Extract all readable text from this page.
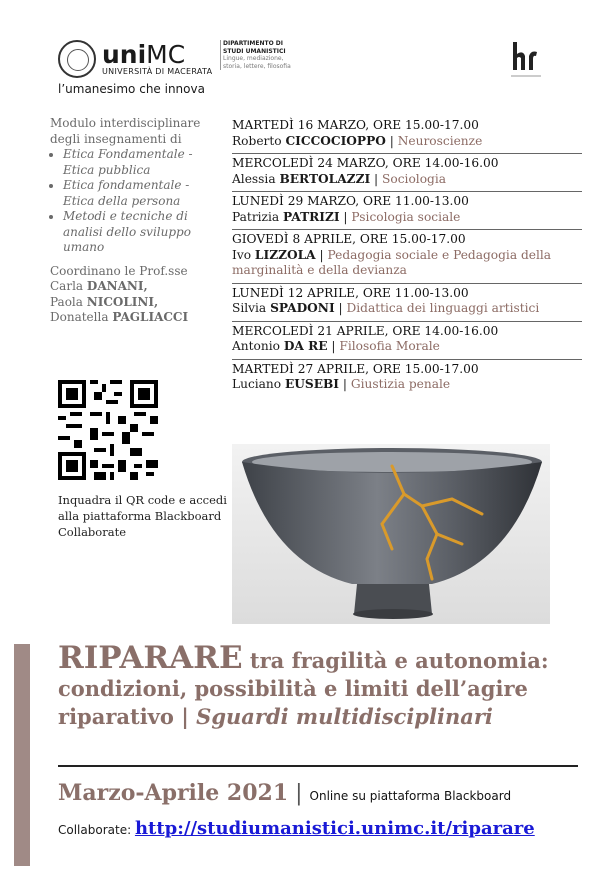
uniMC
UNIVERSITÀ DI MACERATA
l’umanesimo che innova
DIPARTIMENTO DI
STUDI UMANISTICI
Lingue, mediazione,
storia, lettere, filosofia
Modulo interdisciplinare degli insegnamenti di
• Etica Fondamentale - Etica pubblica
• Etica fondamentale - Etica della persona
• Metodi e tecniche di analisi dello sviluppo umano
Coordinano le Prof.sse
Carla DANANI,
Paola NICOLINI,
Donatella PAGLIACCI
Inquadra il QR code e accedi alla piattaforma Blackboard Collaborate
MARTEDÌ 16 MARZO, ORE 15.00-17.00
Roberto CICCOCIOPPO | Neuroscienze
MERCOLEDÌ 24 MARZO, ORE 14.00-16.00
Alessia BERTOLAZZI | Sociologia
LUNEDÌ 29 MARZO, ORE 11.00-13.00
Patrizia PATRIZI | Psicologia sociale
GIOVEDÌ 8 APRILE, ORE 15.00-17.00
Ivo LIZZOLA | Pedagogia sociale e Pedagogia della marginalità e della devianza
LUNEDÌ 12 APRILE, ORE 11.00-13.00
Silvia SPADONI | Didattica dei linguaggi artistici
MERCOLEDÌ 21 APRILE, ORE 14.00-16.00
Antonio DA RE | Filosofia Morale
MARTEDÌ 27 APRILE, ORE 15.00-17.00
Luciano EUSEBI | Giustizia penale
RIPARARE tra fragilità e autonomia: condizioni, possibilità e limiti dell’agire riparativo | Sguardi multidisciplinari
Marzo-Aprile 2021 | Online su piattaforma Blackboard
Collaborate: http://studiumanistici.unimc.it/riparare
